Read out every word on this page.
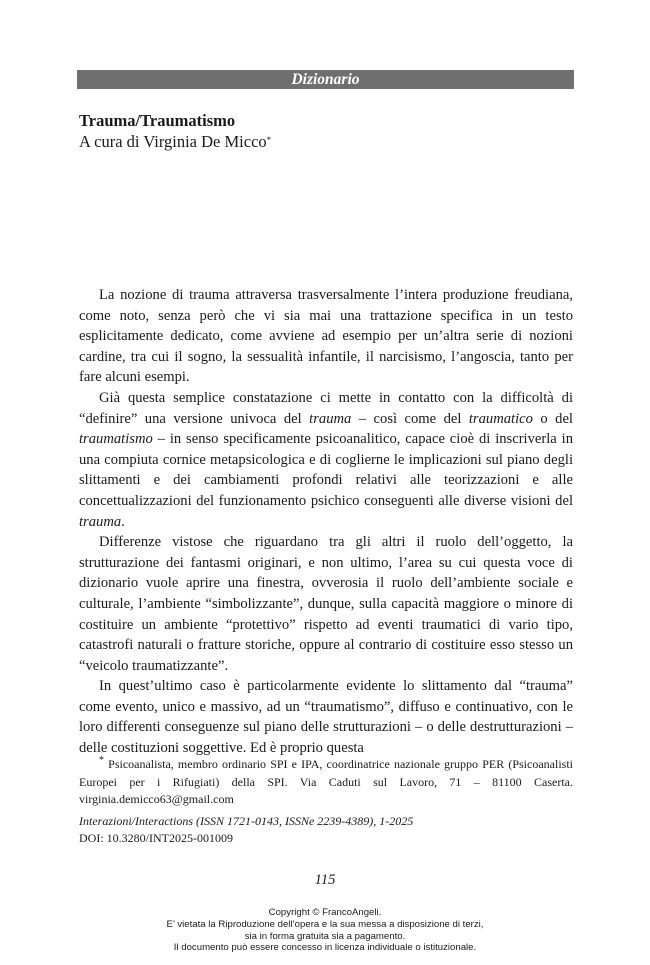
Dizionario
Trauma/Traumatismo
A cura di Virginia De Micco*

La nozione di trauma attraversa trasversalmente l’intera produzione freudiana, come noto, senza però che vi sia mai una trattazione specifica in un testo esplicitamente dedicato, come avviene ad esempio per un’altra serie di nozioni cardine, tra cui il sogno, la sessualità infantile, il narcisismo, l’angoscia, tanto per fare alcuni esempi.

Già questa semplice constatazione ci mette in contatto con la difficoltà di “definire” una versione univoca del trauma – così come del traumatico o del traumatismo – in senso specificamente psicoanalitico, capace cioè di inscriverla in una compiuta cornice metapsicologica e di coglierne le implicazioni sul piano degli slittamenti e dei cambiamenti profondi relativi alle teorizzazioni e alle concettualizzazioni del funzionamento psichico conseguenti alle diverse visioni del trauma.

Differenze vistose che riguardano tra gli altri il ruolo dell’oggetto, la strutturazione dei fantasmi originari, e non ultimo, l’area su cui questa voce di dizionario vuole aprire una finestra, ovverosia il ruolo dell’ambiente sociale e culturale, l’ambiente “simbolizzante”, dunque, sulla capacità maggiore o minore di costituire un ambiente “protettivo” rispetto ad eventi traumatici di vario tipo, catastrofi naturali o fratture storiche, oppure al contrario di costituire esso stesso un “veicolo traumatizzante”.

In quest’ultimo caso è particolarmente evidente lo slittamento dal “trauma” come evento, unico e massivo, ad un “traumatismo”, diffuso e continuativo, con le loro differenti conseguenze sul piano delle strutturazioni – o delle destrutturazioni – delle costituzioni soggettive. Ed è proprio questa

* Psicoanalista, membro ordinario SPI e IPA, coordinatrice nazionale gruppo PER (Psicoanalisti Europei per i Rifugiati) della SPI. Via Caduti sul Lavoro, 71 – 81100 Caserta. virginia.demicco63@gmail.com

Interazioni/Interactions (ISSN 1721-0143, ISSNe 2239-4389), 1-2025
DOI: 10.3280/INT2025-001009
115
Copyright © FrancoAngeli.
E’ vietata la Riproduzione dell’opera e la sua messa a disposizione di terzi,
sia in forma gratuita sia a pagamento.
Il documento può essere concesso in licenza individuale o istituzionale.
